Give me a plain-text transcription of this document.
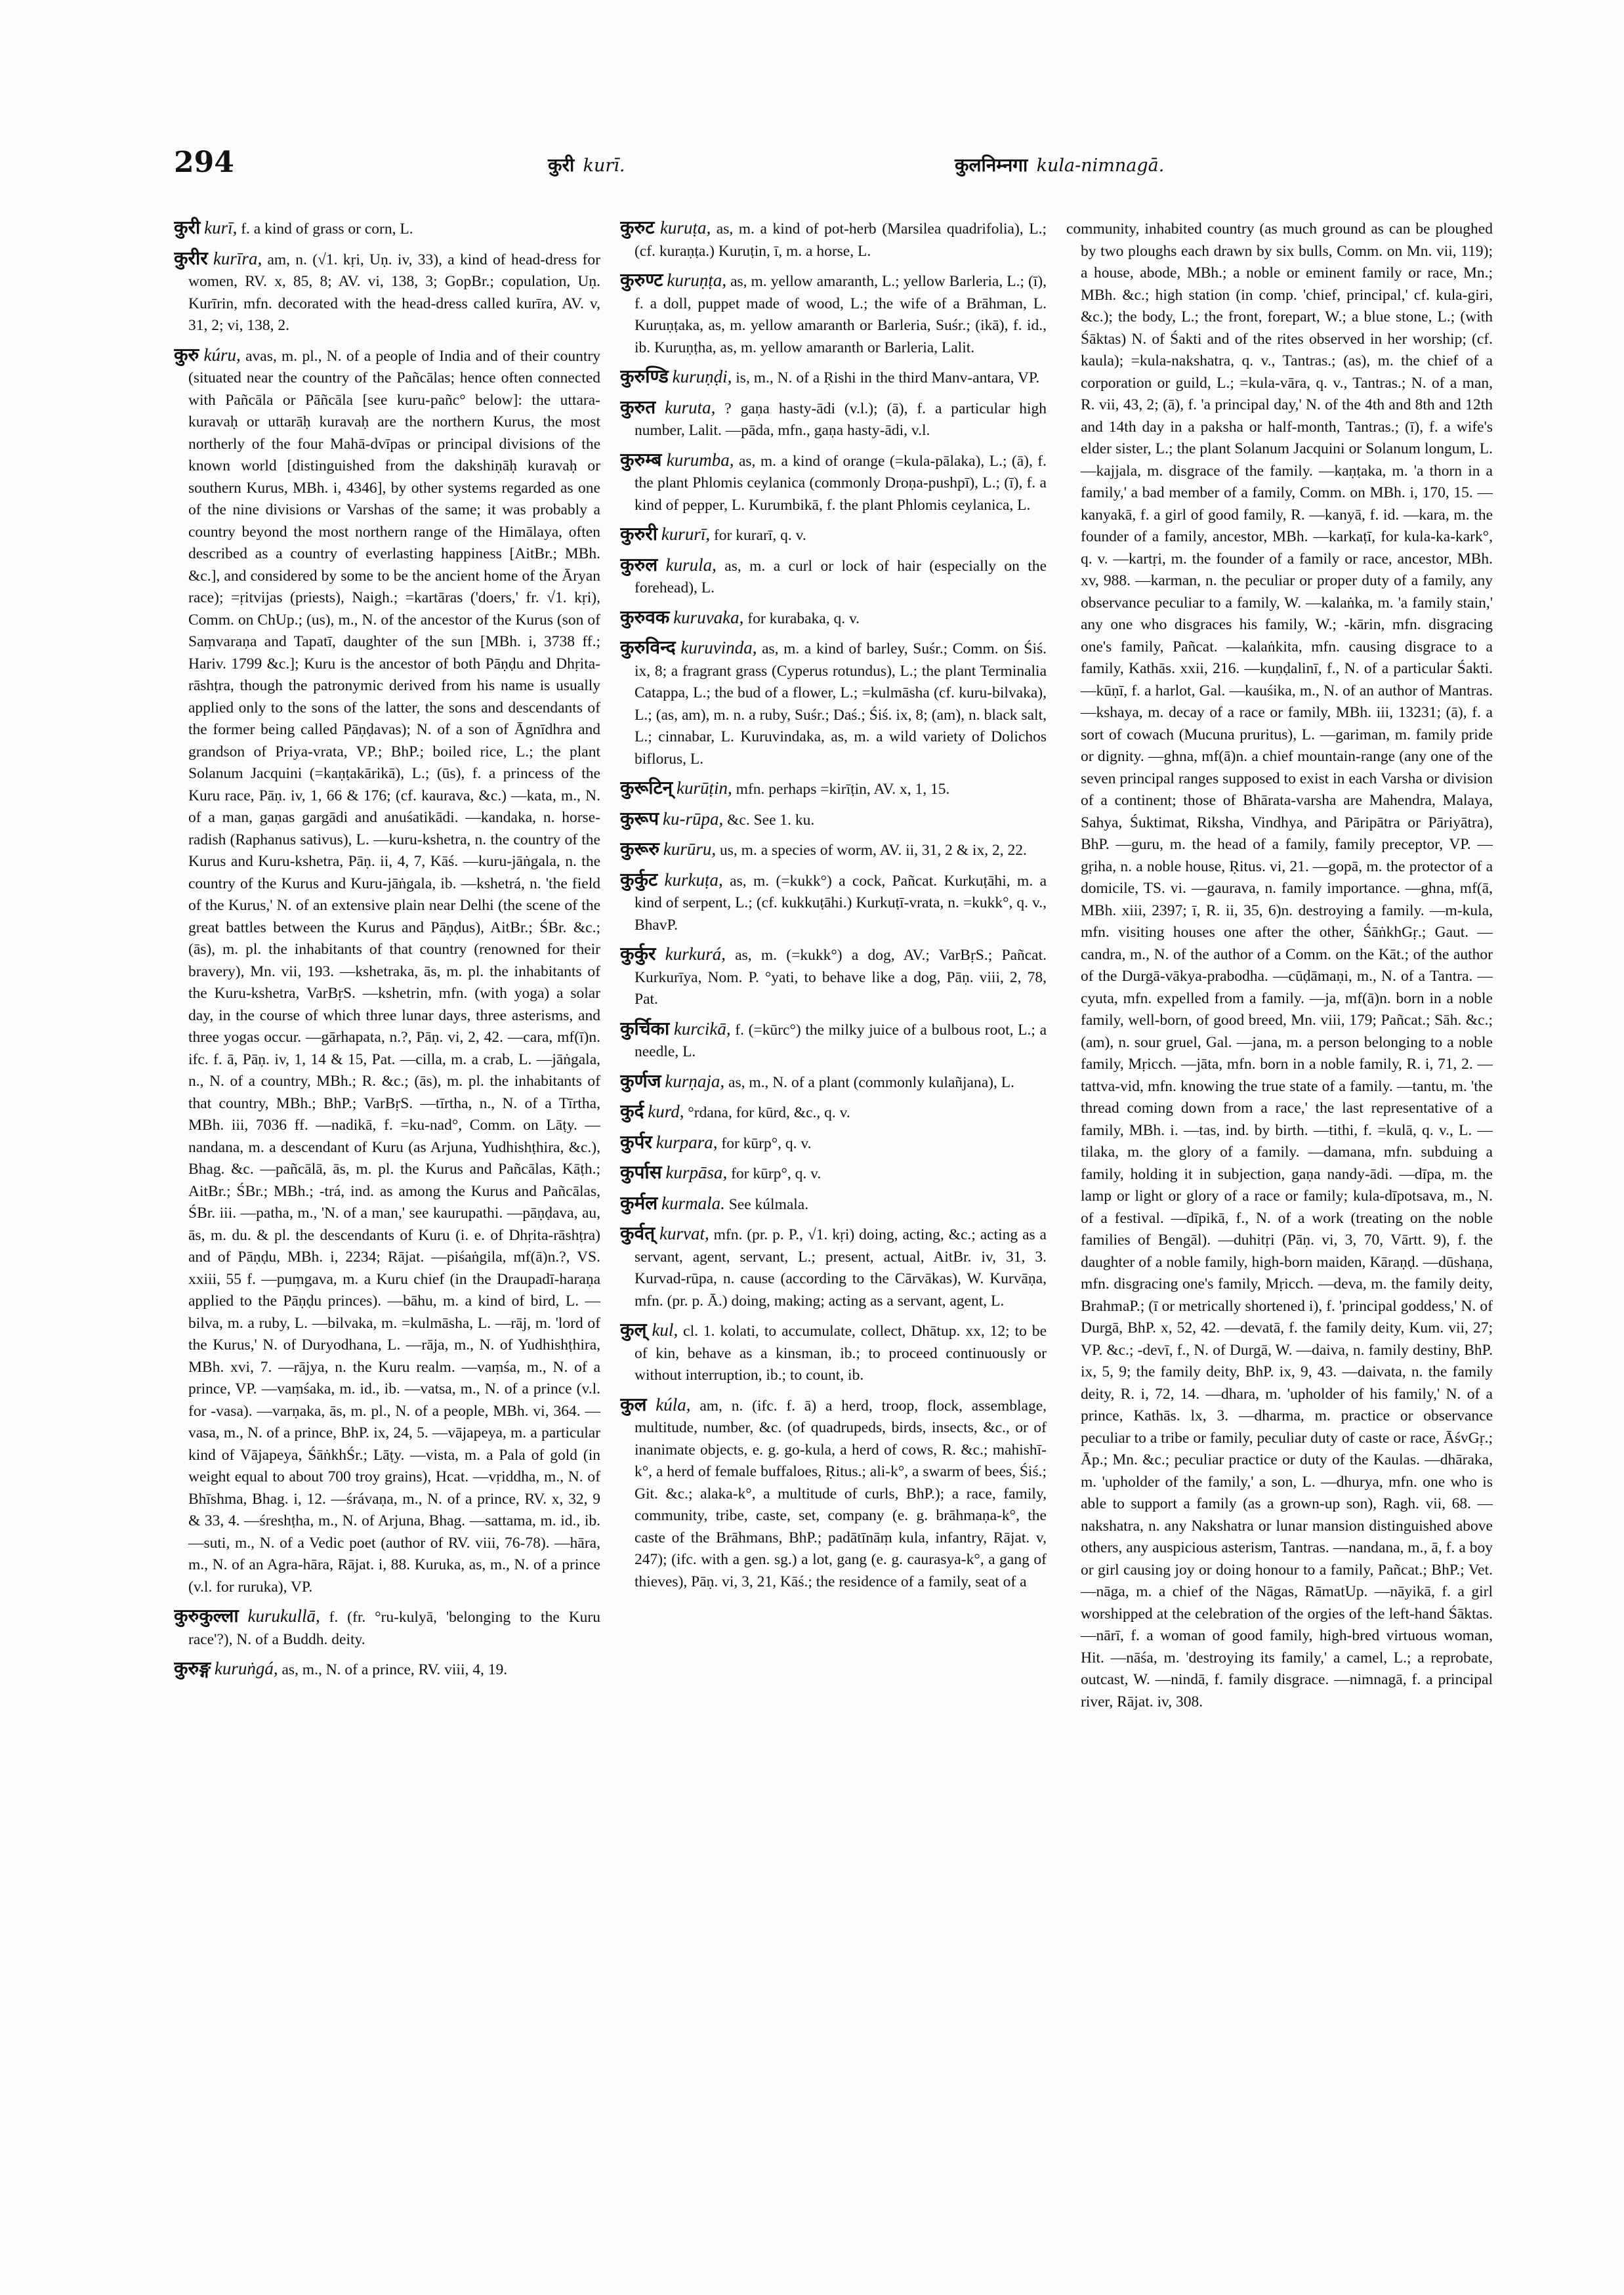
294	कुरी kurī.	कुलनिम्नगा kula-nimnagā.
कुरी kurī, f. a kind of grass or corn, L.
कुरीर kurīra, am, n. (√1. kṛi, Uṇ. iv, 33), a kind of head-dress for women, RV. x, 85, 8; AV. vi, 138, 3; GopBr.; copulation, Uṇ. Kurīrin, mfn. decorated with the head-dress called kurīra, AV. v, 31, 2; vi, 138, 2.
कुरु kúru, avas, m. pl., N. of a people of India and of their country (situated near the country of the Pañcālas; hence often connected with Pañcāla or Pāñcāla [see kuru-pañc° below]: the uttara-kuravaḥ or uttarāḥ kuravaḥ are the northern Kurus, the most northerly of the four Mahā-dvīpas or principal divisions of the known world [distinguished from the dakshiṇāḥ kuravaḥ or southern Kurus, MBh. i, 4346], by other systems regarded as one of the nine divisions or Varshas of the same; it was probably a country beyond the most northern range of the Himālaya, often described as a country of everlasting happiness [AitBr.; MBh. &c.], and considered by some to be the ancient home of the Āryan race); =ṛitvijas (priests), Naigh.; =kartāras ('doers,' fr. √1. kṛi), Comm. on ChUp.; (us), m., N. of the ancestor of the Kurus (son of Saṃvaraṇa and Tapatī, daughter of the sun [MBh. i, 3738 ff.; Hariv. 1799 &c.]; Kuru is the ancestor of both Pāṇḍu and Dhṛita-rāshṭra, though the patronymic derived from his name is usually applied only to the sons of the latter, the sons and descendants of the former being called Pāṇḍavas); N. of a son of Āgnīdhra and grandson of Priya-vrata, VP.; BhP.; boiled rice, L.; the plant Solanum Jacquini (=kaṇṭakārikā), L.; (ūs), f. a princess of the Kuru race, Pāṇ. iv, 1, 66 & 176; (cf. kaurava, &c.) —kata, m., N. of a man, gaṇas gargādi and anuśatikādi. —kandaka, n. horse-radish (Raphanus sativus), L. —kuru-kshetra, n. the country of the Kurus and Kuru-kshetra, Pāṇ. ii, 4, 7, Kāś. —kuru-jāṅgala, n. the country of the Kurus and Kuru-jāṅgala, ib. —kshetrá, n. 'the field of the Kurus,' N. of an extensive plain near Delhi (the scene of the great battles between the Kurus and Pāṇḍus), AitBr.; ŚBr. &c.; (ās), m. pl. the inhabitants of that country (renowned for their bravery), Mn. vii, 193. —kshetraka, ās, m. pl. the inhabitants of the Kuru-kshetra, VarBṛS. —kshetrin, mfn. (with yoga) a solar day, in the course of which three lunar days, three asterisms, and three yogas occur. —gārhapata, n.?, Pāṇ. vi, 2, 42. —cara, mf(ī)n. ifc. f. ā, Pāṇ. iv, 1, 14 & 15, Pat. —cilla, m. a crab, L. —jāṅgala, n., N. of a country, MBh.; R. &c.; (ās), m. pl. the inhabitants of that country, MBh.; BhP.; VarBṛS. —tīrtha, n., N. of a Tīrtha, MBh. iii, 7036 ff. —nadikā, f. =ku-nad°, Comm. on Lāṭy. —nandana, m. a descendant of Kuru (as Arjuna, Yudhishṭhira, &c.), Bhag. &c. —pañcālā, ās, m. pl. the Kurus and Pañcālas, Kāṭh.; AitBr.; ŚBr.; MBh.; -trá, ind. as among the Kurus and Pañcālas, ŚBr. iii. —patha, m., 'N. of a man,' see kaurupathi. —pāṇḍava, au, ās, m. du. & pl. the descendants of Kuru (i. e. of Dhṛita-rāshṭra) and of Pāṇḍu, MBh. i, 2234; Rājat. —piśaṅgila, mf(ā)n.?, VS. xxiii, 55 f. —puṃgava, m. a Kuru chief (in the Draupadī-haraṇa applied to the Pāṇḍu princes). —bāhu, m. a kind of bird, L. —bilva, m. a ruby, L. —bilvaka, m. =kulmāsha, L. —rāj, m. 'lord of the Kurus,' N. of Duryodhana, L. —rāja, m., N. of Yudhishṭhira, MBh. xvi, 7. —rājya, n. the Kuru realm. —vaṃśa, m., N. of a prince, VP. —vaṃśaka, m. id., ib. —vatsa, m., N. of a prince (v.l. for -vasa). —varṇaka, ās, m. pl., N. of a people, MBh. vi, 364. —vasa, m., N. of a prince, BhP. ix, 24, 5. —vājapeya, m. a particular kind of Vājapeya, ŚāṅkhŚr.; Lāṭy. —vista, m. a Pala of gold (in weight equal to about 700 troy grains), Hcat. —vṛiddha, m., N. of Bhīshma, Bhag. i, 12. —śrávaṇa, m., N. of a prince, RV. x, 32, 9 & 33, 4. —śreshṭha, m., N. of Arjuna, Bhag. —sattama, m. id., ib. —suti, m., N. of a Vedic poet (author of RV. viii, 76-78). —hāra, m., N. of an Agra-hāra, Rājat. i, 88. Kuruka, as, m., N. of a prince (v.l. for ruruka), VP.
कुरुकुल्ला kurukullā, f. (fr. °ru-kulyā, 'belonging to the Kuru race'?), N. of a Buddh. deity.
कुरुङ्ग kuruṅgá, as, m., N. of a prince, RV. viii, 4, 19.
कुरुट kuruṭa, as, m. a kind of pot-herb (Marsilea quadrifolia), L.; (cf. kuraṇṭa.) Kuruṭin, ī, m. a horse, L.
कुरुण्ट kuruṇṭa, as, m. yellow amaranth, L.; yellow Barleria, L.; (ī), f. a doll, puppet made of wood, L.; the wife of a Brāhman, L. Kuruṇṭaka, as, m. yellow amaranth or Barleria, Suśr.; (ikā), f. id., ib. Kuruṇṭha, as, m. yellow amaranth or Barleria, Lalit.
कुरुण्डि kuruṇḍi, is, m., N. of a Ṛishi in the third Manv-antara, VP.
कुरुत kuruta, ? gaṇa hasty-ādi (v.l.); (ā), f. a particular high number, Lalit. —pāda, mfn., gaṇa hasty-ādi, v.l.
कुरुम्ब kurumba, as, m. a kind of orange (=kula-pālaka), L.; (ā), f. the plant Phlomis ceylanica (commonly Droṇa-pushpī), L.; (ī), f. a kind of pepper, L. Kurumbikā, f. the plant Phlomis ceylanica, L.
कुरुरी kururī, for kurarī, q. v.
कुरुल kurula, as, m. a curl or lock of hair (especially on the forehead), L.
कुरुवक kuruvaka, for kurabaka, q. v.
कुरुविन्द kuruvinda, as, m. a kind of barley, Suśr.; Comm. on Śiś. ix, 8; a fragrant grass (Cyperus rotundus), L.; the plant Terminalia Catappa, L.; the bud of a flower, L.; =kulmāsha (cf. kuru-bilvaka), L.; (as, am), m. n. a ruby, Suśr.; Daś.; Śiś. ix, 8; (am), n. black salt, L.; cinnabar, L. Kuruvindaka, as, m. a wild variety of Dolichos biflorus, L.
कुरूटिन् kurūṭin, mfn. perhaps =kirīṭin, AV. x, 1, 15.
कुरूप ku-rūpa, &c. See 1. ku.
कुरूरु kurūru, us, m. a species of worm, AV. ii, 31, 2 & ix, 2, 22.
कुर्कुट kurkuṭa, as, m. (=kukk°) a cock, Pañcat. Kurkuṭāhi, m. a kind of serpent, L.; (cf. kukkuṭāhi.) Kurkuṭī-vrata, n. =kukk°, q. v., BhavP.
कुर्कुर kurkurá, as, m. (=kukk°) a dog, AV.; VarBṛS.; Pañcat. Kurkurīya, Nom. P. °yati, to behave like a dog, Pāṇ. viii, 2, 78, Pat.
कुर्चिका kurcikā, f. (=kūrc°) the milky juice of a bulbous root, L.; a needle, L.
कुर्णज kurṇaja, as, m., N. of a plant (commonly kulañjana), L.
कुर्द kurd, °rdana, for kūrd, &c., q. v.
कुर्पर kurpara, for kūrp°, q. v.
कुर्पास kurpāsa, for kūrp°, q. v.
कुर्मल kurmala. See kúlmala.
कुर्वत् kurvat, mfn. (pr. p. P., √1. kṛi) doing, acting, &c.; acting as a servant, agent, servant, L.; present, actual, AitBr. iv, 31, 3. Kurvad-rūpa, n. cause (according to the Cārvākas), W. Kurvāṇa, mfn. (pr. p. Ā.) doing, making; acting as a servant, agent, L.
कुल् kul, cl. 1. kolati, to accumulate, collect, Dhātup. xx, 12; to be of kin, behave as a kinsman, ib.; to proceed continuously or without interruption, ib.; to count, ib.
कुल kúla, am, n. (ifc. f. ā) a herd, troop, flock, assemblage, multitude, number, &c. (of quadrupeds, birds, insects, &c., or of inanimate objects, e. g. go-kula, a herd of cows, R. &c.; mahishī-k°, a herd of female buffaloes, Ṛitus.; ali-k°, a swarm of bees, Śiś.; Git. &c.; alaka-k°, a multitude of curls, BhP.); a race, family, community, tribe, caste, set, company (e. g. brāhmaṇa-k°, the caste of the Brāhmans, BhP.; padātīnāṃ kula, infantry, Rājat. v, 247); (ifc. with a gen. sg.) a lot, gang (e. g. caurasya-k°, a gang of thieves), Pāṇ. vi, 3, 21, Kāś.; the residence of a family, seat of a
community, inhabited country (as much ground as can be ploughed by two ploughs each drawn by six bulls, Comm. on Mn. vii, 119); a house, abode, MBh.; a noble or eminent family or race, Mn.; MBh. &c.; high station (in comp. 'chief, principal,' cf. kula-giri, &c.); the body, L.; the front, forepart, W.; a blue stone, L.; (with Śāktas) N. of Śakti and of the rites observed in her worship; (cf. kaula); =kula-nakshatra, q. v., Tantras.; (as), m. the chief of a corporation or guild, L.; =kula-vāra, q. v., Tantras.; N. of a man, R. vii, 43, 2; (ā), f. 'a principal day,' N. of the 4th and 8th and 12th and 14th day in a paksha or half-month, Tantras.; (ī), f. a wife's elder sister, L.; the plant Solanum Jacquini or Solanum longum, L. —kajjala, m. disgrace of the family. —kaṇṭaka, m. 'a thorn in a family,' a bad member of a family, Comm. on MBh. i, 170, 15. —kanyakā, f. a girl of good family, R. —kanyā, f. id. —kara, m. the founder of a family, ancestor, MBh. —karkaṭī, for kula-ka-kark°, q. v. —kartṛi, m. the founder of a family or race, ancestor, MBh. xv, 988. —karman, n. the peculiar or proper duty of a family, any observance peculiar to a family, W. —kalaṅka, m. 'a family stain,' any one who disgraces his family, W.; -kārin, mfn. disgracing one's family, Pañcat. —kalaṅkita, mfn. causing disgrace to a family, Kathās. xxii, 216. —kuṇḍalinī, f., N. of a particular Śakti. —kūṇī, f. a harlot, Gal. —kauśika, m., N. of an author of Mantras. —kshaya, m. decay of a race or family, MBh. iii, 13231; (ā), f. a sort of cowach (Mucuna pruritus), L. —gariman, m. family pride or dignity. —ghna, mf(ā)n. a chief mountain-range (any one of the seven principal ranges supposed to exist in each Varsha or division of a continent; those of Bhārata-varsha are Mahendra, Malaya, Sahya, Śuktimat, Riksha, Vindhya, and Pāripātra or Pāriyātra), BhP. —guru, m. the head of a family, family preceptor, VP. —gṛiha, n. a noble house, Ṛitus. vi, 21. —gopā, m. the protector of a domicile, TS. vi. —gaurava, n. family importance. —ghna, mf(ā, MBh. xiii, 2397; ī, R. ii, 35, 6)n. destroying a family. —m-kula, mfn. visiting houses one after the other, ŚāṅkhGṛ.; Gaut. —candra, m., N. of the author of a Comm. on the Kāt.; of the author of the Durgā-vākya-prabodha. —cūḍāmaṇi, m., N. of a Tantra. —cyuta, mfn. expelled from a family. —ja, mf(ā)n. born in a noble family, well-born, of good breed, Mn. viii, 179; Pañcat.; Sāh. &c.; (am), n. sour gruel, Gal. —jana, m. a person belonging to a noble family, Mṛicch. —jāta, mfn. born in a noble family, R. i, 71, 2. —tattva-vid, mfn. knowing the true state of a family. —tantu, m. 'the thread coming down from a race,' the last representative of a family, MBh. i. —tas, ind. by birth. —tithi, f. =kulā, q. v., L. —tilaka, m. the glory of a family. —damana, mfn. subduing a family, holding it in subjection, gaṇa nandy-ādi. —dīpa, m. the lamp or light or glory of a race or family; kula-dīpotsava, m., N. of a festival. —dīpikā, f., N. of a work (treating on the noble families of Bengāl). —duhitṛi (Pāṇ. vi, 3, 70, Vārtt. 9), f. the daughter of a noble family, high-born maiden, Kāraṇḍ. —dūshaṇa, mfn. disgracing one's family, Mṛicch. —deva, m. the family deity, BrahmaP.; (ī or metrically shortened i), f. 'principal goddess,' N. of Durgā, BhP. x, 52, 42. —devatā, f. the family deity, Kum. vii, 27; VP. &c.; -devī, f., N. of Durgā, W. —daiva, n. family destiny, BhP. ix, 5, 9; the family deity, BhP. ix, 9, 43. —daivata, n. the family deity, R. i, 72, 14. —dhara, m. 'upholder of his family,' N. of a prince, Kathās. lx, 3. —dharma, m. practice or observance peculiar to a tribe or family, peculiar duty of caste or race, ĀśvGṛ.; Āp.; Mn. &c.; peculiar practice or duty of the Kaulas. —dhāraka, m. 'upholder of the family,' a son, L. —dhurya, mfn. one who is able to support a family (as a grown-up son), Ragh. vii, 68. —nakshatra, n. any Nakshatra or lunar mansion distinguished above others, any auspicious asterism, Tantras. —nandana, m., ā, f. a boy or girl causing joy or doing honour to a family, Pañcat.; BhP.; Vet. —nāga, m. a chief of the Nāgas, RāmatUp. —nāyikā, f. a girl worshipped at the celebration of the orgies of the left-hand Śāktas. —nārī, f. a woman of good family, high-bred virtuous woman, Hit. —nāśa, m. 'destroying its family,' a camel, L.; a reprobate, outcast, W. —nindā, f. family disgrace. —nimnagā, f. a principal river, Rājat. iv, 308.
